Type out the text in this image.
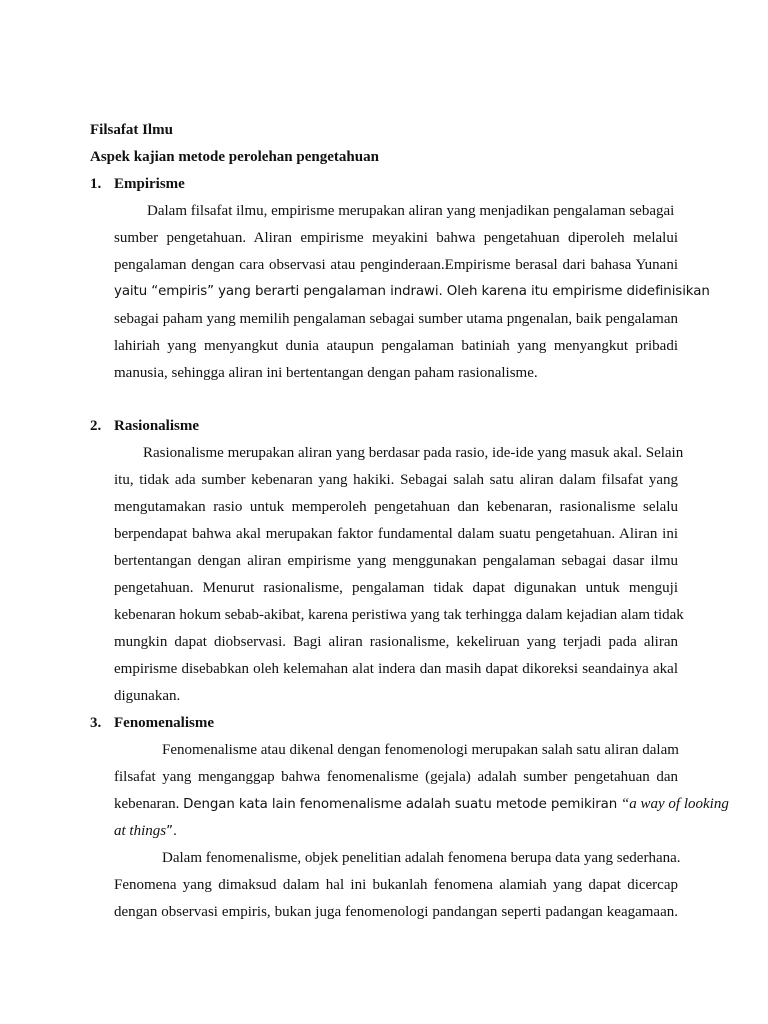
Filsafat Ilmu
Aspek kajian metode perolehan pengetahuan
1. Empirisme
Dalam filsafat ilmu, empirisme merupakan aliran yang menjadikan pengalaman sebagai
sumber pengetahuan. Aliran empirisme meyakini bahwa pengetahuan diperoleh melalui
pengalaman dengan cara observasi atau penginderaan.Empirisme berasal dari bahasa Yunani
yaitu “empiris” yang berarti pengalaman indrawi. Oleh karena itu empirisme didefinisikan
sebagai paham yang memilih pengalaman sebagai sumber utama pngenalan, baik pengalaman
lahiriah yang menyangkut dunia ataupun pengalaman batiniah yang menyangkut pribadi
manusia, sehingga aliran ini bertentangan dengan paham rasionalisme.
2. Rasionalisme
Rasionalisme merupakan aliran yang berdasar pada rasio, ide-ide yang masuk akal. Selain
itu, tidak ada sumber kebenaran yang hakiki. Sebagai salah satu aliran dalam filsafat yang
mengutamakan rasio untuk memperoleh pengetahuan dan kebenaran, rasionalisme selalu
berpendapat bahwa akal merupakan faktor fundamental dalam suatu pengetahuan. Aliran ini
bertentangan dengan aliran empirisme yang menggunakan pengalaman sebagai dasar ilmu
pengetahuan. Menurut rasionalisme, pengalaman tidak dapat digunakan untuk menguji
kebenaran hokum sebab-akibat, karena peristiwa yang tak terhingga dalam kejadian alam tidak
mungkin dapat diobservasi. Bagi aliran rasionalisme, kekeliruan yang terjadi pada aliran
empirisme disebabkan oleh kelemahan alat indera dan masih dapat dikoreksi seandainya akal
digunakan.
3. Fenomenalisme
Fenomenalisme atau dikenal dengan fenomenologi merupakan salah satu aliran dalam
filsafat yang menganggap bahwa fenomenalisme (gejala) adalah sumber pengetahuan dan
kebenaran. Dengan kata lain fenomenalisme adalah suatu metode pemikiran “a way of looking
at things”.
Dalam fenomenalisme, objek penelitian adalah fenomena berupa data yang sederhana.
Fenomena yang dimaksud dalam hal ini bukanlah fenomena alamiah yang dapat dicercap
dengan observasi empiris, bukan juga fenomenologi pandangan seperti padangan keagamaan.
